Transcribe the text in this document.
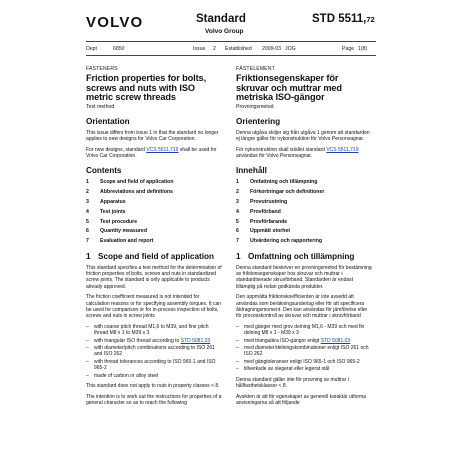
VOLVO	Standard
Volvo Group
STD 5511,72
Dept	6850	Issue 2 Established 2009-03 JOG	Page 1(8)
FASTENERS
Friction properties for bolts,
screws and nuts with ISO
metric screw threads
Test method
Orientation
This issue differs from issue 1 in that the standard no longer applies to new designs for Volvo Car Corporation.
For new designs, standard VCS 5511,719 shall be used for Volvo Car Corporation.
Contents
1	Scope and field of application
2	Abbreviations and definitions
3	Apparatus
4	Test joints
5	Test procedure
6	Quantity measured
7	Evaluation and report
1 Scope and field of application
This standard specifies a test method for the determination of friction properties of bolts, screws and nuts in standardized screw joints. The standard is only applicable to products already approved.
The friction coefficient measured is not intended for calculation reasons or for specifying assembly torques. It can be used for comparison or for in-process inspection of bolts, screws and nuts in screw joints
–	with coarse pitch thread M1,6 to M39, and fine pitch thread M8 x 1 to M39 x 3
–	with triangular ISO thread according to STD 5081,03
–	with diameter/pitch combinations according to ISO 261 and ISO 262
–	with thread tolerances according to ISO 965-1 and ISO 965-2
–	made of carbon or alloy steel
This standard does not apply to nuts in property classes < 8.
The intention is to work out the instructions for properties of a general character so as to reach the following
FÄSTELEMENT
Friktionsegenskaper för
skruvar och muttrar med
metriska ISO-gängor
Provningsmetod
Orientering
Denna utgåva skiljer sig från utgåva 1 genom att standarden ej längre gäller för nykonstruktion för Volvo Personvagnar.
För nykonstruktion skall istället standard VCS 5511,719 användas för Volvo Personvagnar.
Innehåll
1	Omfattning och tillämpning
2	Förkortningar och definitioner
3	Provutrustning
4	Provförband
5	Provförfarande
6	Uppmätt storhet
7	Utvärdering och rapportering
1 Omfattning och tillämpning
Denna standard beskriver en provningsmetod för bestämning av friktionsegenskaper hos skruvar och muttrar i standardiserade skruvförband. Standarden är endast tillämplig på redan godkända produkter.
Den uppmätta friktionskoefficienten är inte avsedd att användas som beräkningsunderlag eller för att specificera åtdragningsmoment. Den kan användas för jämförelse eller för processkontroll av skruvar och muttrar i skruvförband
–	med gänger med grov delning M1,6 - M39 och med fin delning M8 x 1 - M39 x 3
–	med triangulära ISO-gängor enligt STD 5081,03
–	med diameter/delningskombinationer enligt ISO 261 och ISO 262
–	med gängtoleranser enligt ISO 965-1 och ISO 965-2
–	tillverkade av olegerat eller legerat stål
Denna standard gäller inte för provning av muttrar i hållfasthetsklasser < 8.
Avsikten är att för egenskaper av generell karaktär utforma anvisningarna så att följande
